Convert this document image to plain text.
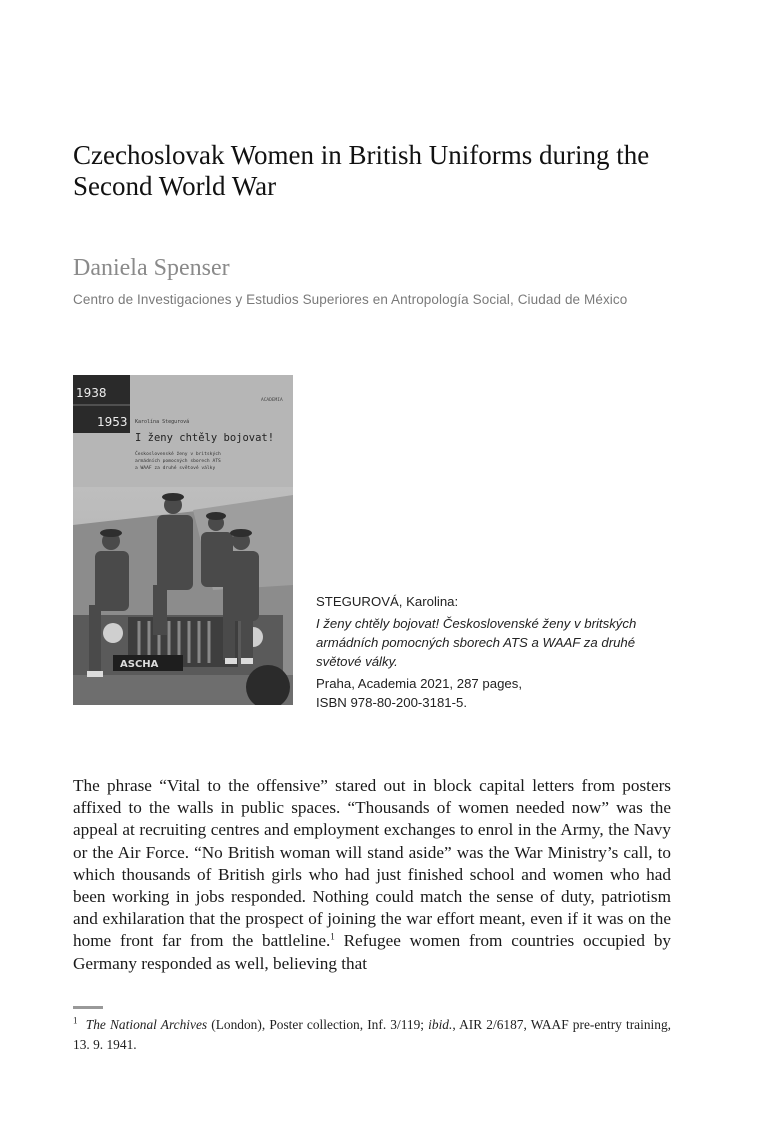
Czechoslovak Women in British Uniforms during the Second World War
Daniela Spenser
Centro de Investigaciones y Estudios Superiores en Antropología Social, Ciudad de México
1938
1953
ACADEMIA
Karolína Stegurová
I ženy chtěly bojovat!
Československé ženy v britských
armádních pomocných sborech ATS
a WAAF za druhé světové války
ASCHA

STEGUROVÁ, Karolina:

I ženy chtěly bojovat! Československé ženy v britských armádních pomocných sborech ATS a WAAF za druhé světové války.

Praha, Academia 2021, 287 pages,

ISBN 978-80-200-3181-5.

The phrase “Vital to the offensive” stared out in block capital letters from posters affixed to the walls in public spaces. “Thousands of women needed now” was the appeal at recruiting centres and employment exchanges to enrol in the Army, the Navy or the Air Force. “No British woman will stand aside” was the War Ministry’s call, to which thousands of British girls who had just finished school and women who had been working in jobs responded. Nothing could match the sense of duty, patriotism and exhilaration that the prospect of joining the war effort meant, even if it was on the home front far from the battleline.$^1$ Refugee women from countries occupied by Germany responded as well, believing that

$^1$ The National Archives (London), Poster collection, Inf. 3/119; ibid., AIR 2/6187, WAAF pre-entry training, 13. 9. 1941.
